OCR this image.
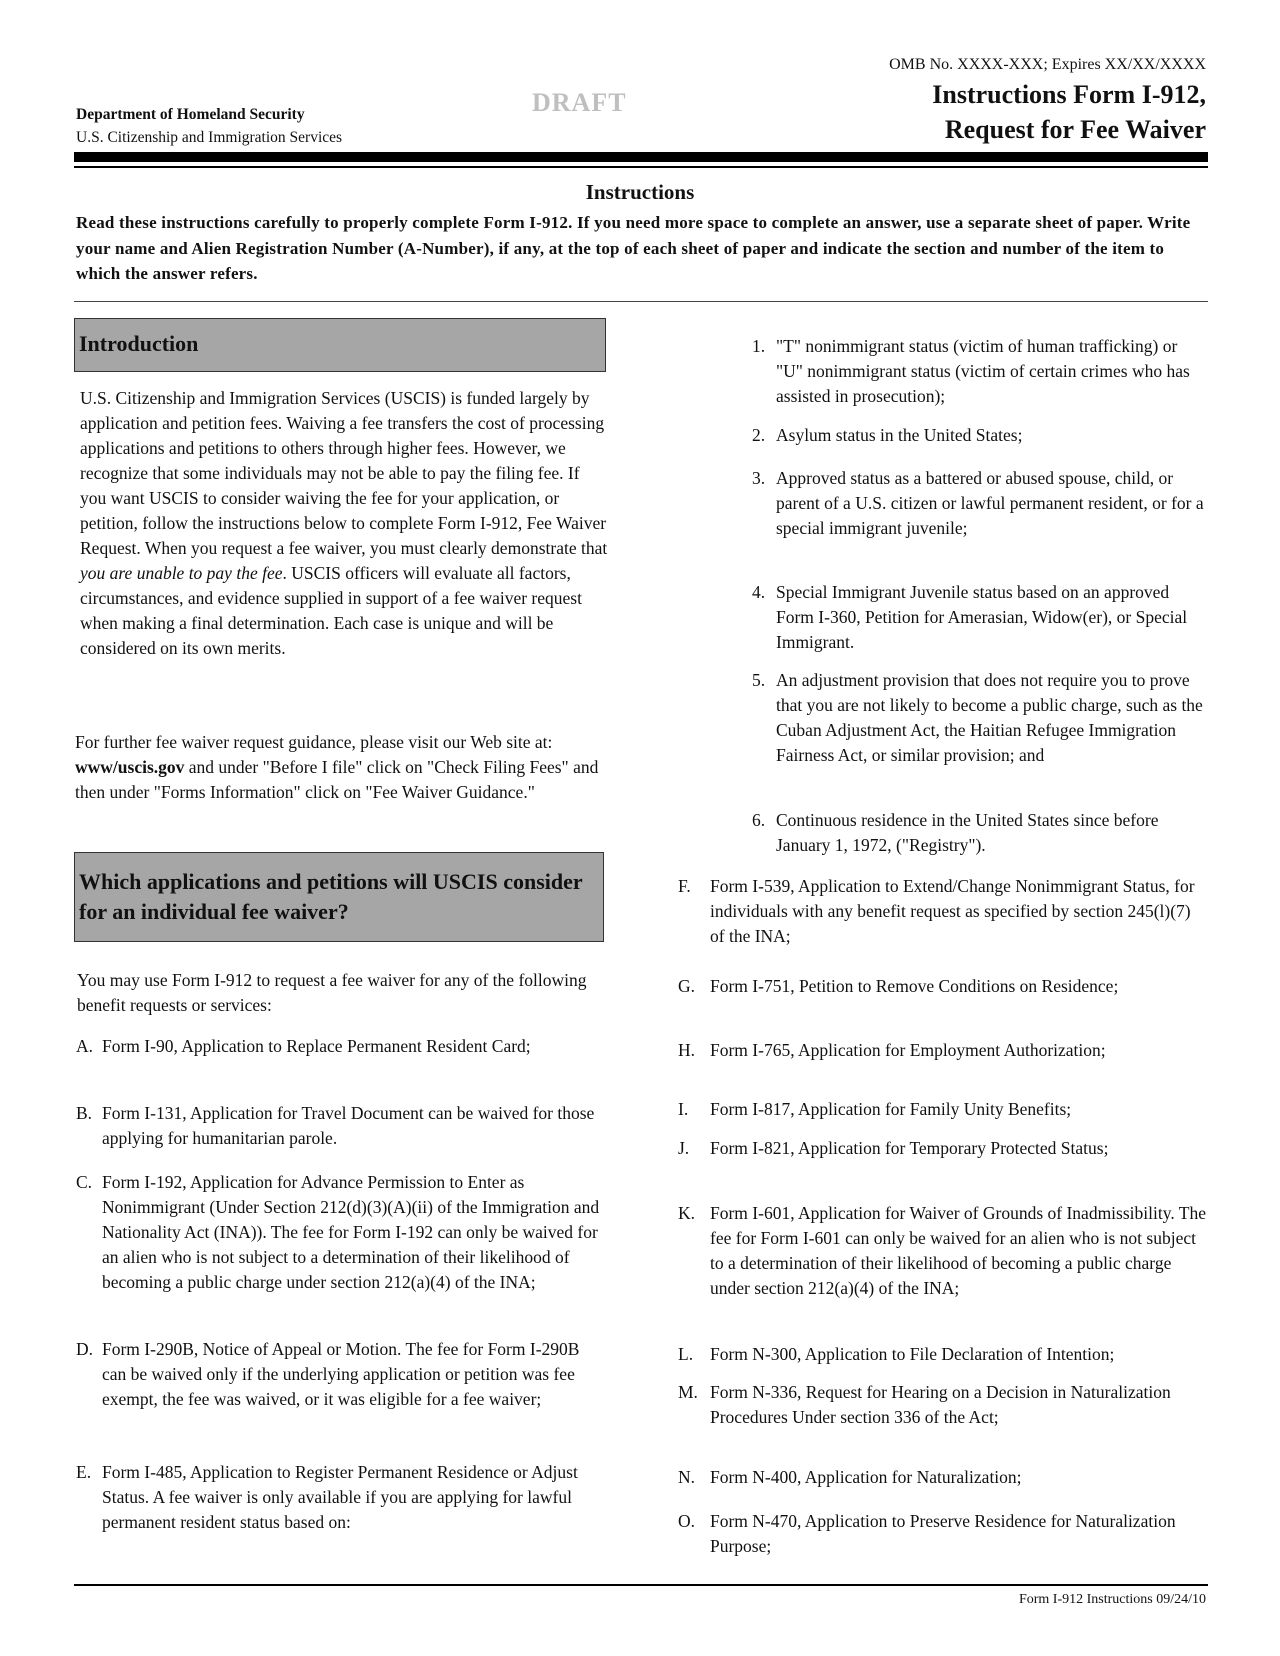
OMB No. XXXX-XXX; Expires XX/XX/XXXX
Department of Homeland Security
U.S. Citizenship and Immigration Services
DRAFT	Instructions Form I-912,
Request for Fee Waiver
Instructions
Read these instructions carefully to properly complete Form I-912. If you need more space to complete an answer, use a separate sheet of paper. Write your name and Alien Registration Number (A-Number), if any, at the top of each sheet of paper and indicate the section and number of the item to which the answer refers.
Introduction
U.S. Citizenship and Immigration Services (USCIS) is funded largely by application and petition fees. Waiving a fee transfers the cost of processing applications and petitions to others through higher fees. However, we recognize that some individuals may not be able to pay the filing fee. If you want USCIS to consider waiving the fee for your application, or petition, follow the instructions below to complete Form I-912, Fee Waiver Request. When you request a fee waiver, you must clearly demonstrate that you are unable to pay the fee. USCIS officers will evaluate all factors, circumstances, and evidence supplied in support of a fee waiver request when making a final determination. Each case is unique and will be considered on its own merits.
For further fee waiver request guidance, please visit our Web site at: www/uscis.gov and under "Before I file" click on "Check Filing Fees" and then under "Forms Information" click on "Fee Waiver Guidance."
Which applications and petitions will USCIS consider for an individual fee waiver?
You may use Form I-912 to request a fee waiver for any of the following benefit requests or services:
A. Form I-90, Application to Replace Permanent Resident Card;
B. Form I-131, Application for Travel Document can be waived for those applying for humanitarian parole.
C. Form I-192, Application for Advance Permission to Enter as Nonimmigrant (Under Section 212(d)(3)(A)(ii) of the Immigration and Nationality Act (INA)). The fee for Form I-192 can only be waived for an alien who is not subject to a determination of their likelihood of becoming a public charge under section 212(a)(4) of the INA;
D. Form I-290B, Notice of Appeal or Motion. The fee for Form I-290B can be waived only if the underlying application or petition was fee exempt, the fee was waived, or it was eligible for a fee waiver;
E. Form I-485, Application to Register Permanent Residence or Adjust Status. A fee waiver is only available if you are applying for lawful permanent resident status based on:
1. "T" nonimmigrant status (victim of human trafficking) or "U" nonimmigrant status (victim of certain crimes who has assisted in prosecution);
2. Asylum status in the United States;
3. Approved status as a battered or abused spouse, child, or parent of a U.S. citizen or lawful permanent resident, or for a special immigrant juvenile;
4. Special Immigrant Juvenile status based on an approved Form I-360, Petition for Amerasian, Widow(er), or Special Immigrant.
5. An adjustment provision that does not require you to prove that you are not likely to become a public charge, such as the Cuban Adjustment Act, the Haitian Refugee Immigration Fairness Act, or similar provision; and
6. Continuous residence in the United States since before January 1, 1972, ("Registry").
F.	Form I-539, Application to Extend/Change Nonimmigrant Status, for individuals with any benefit request as specified by section 245(l)(7) of the INA;
G. Form I-751, Petition to Remove Conditions on Residence;
H. Form I-765, Application for Employment Authorization;
I.	Form I-817, Application for Family Unity Benefits;
J.	Form I-821, Application for Temporary Protected Status;
K. Form I-601, Application for Waiver of Grounds of Inadmissibility. The fee for Form I-601 can only be waived for an alien who is not subject to a determination of their likelihood of becoming a public charge under section 212(a)(4) of the INA;
L. Form N-300, Application to File Declaration of Intention;
M. Form N-336, Request for Hearing on a Decision in Naturalization Procedures Under section 336 of the Act;
N. Form N-400, Application for Naturalization;
O. Form N-470, Application to Preserve Residence for Naturalization Purpose;
Form I-912 Instructions 09/24/10
